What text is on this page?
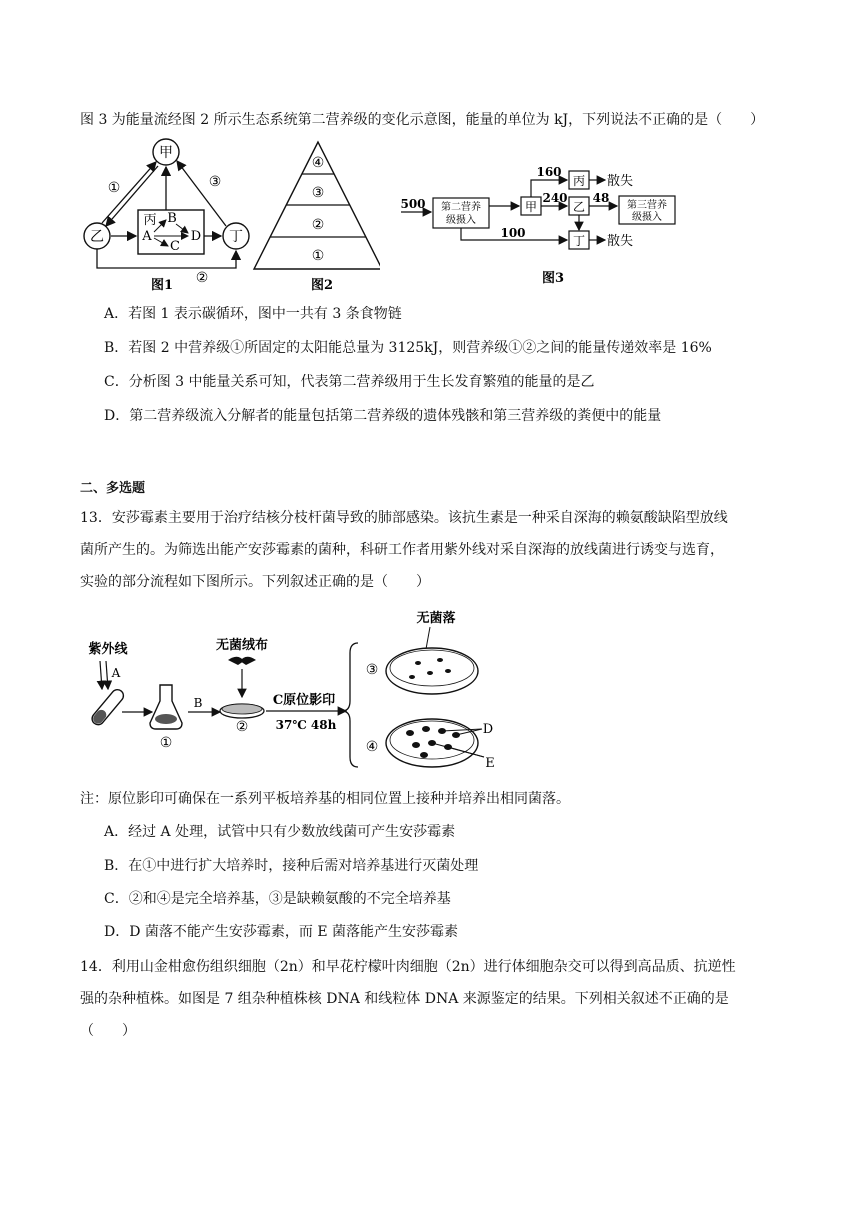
图 3 为能量流经图 2 所示生态系统第二营养级的变化示意图，能量的单位为 kJ，下列说法不正确的是（　　）
甲
乙	丁
丙 B
A
C
D
①	③
②
图1
④
③
②
①
图2
500 第二营养
级摄入
甲
160
丙 散失
240
乙
48
第三营养
级摄入
100
丁 散失
图3
A．若图 1 表示碳循环，图中一共有 3 条食物链
B．若图 2 中营养级①所固定的太阳能总量为 3125kJ，则营养级①②之间的能量传递效率是 16%
C．分析图 3 中能量关系可知，代表第二营养级用于生长发育繁殖的能量的是乙
D．第二营养级流入分解者的能量包括第二营养级的遗体残骸和第三营养级的粪便中的能量
二、多选题
13．安莎霉素主要用于治疗结核分枝杆菌导致的肺部感染。该抗生素是一种采自深海的赖氨酸缺陷型放线
菌所产生的。为筛选出能产安莎霉素的菌种，科研工作者用紫外线对采自深海的放线菌进行诱变与选育，
实验的部分流程如下图所示。下列叙述正确的是（　　）
紫外线
A
①
B
无菌绒布
②
C原位影印
37℃ 48h
无菌落
③
④
D
E
注：原位影印可确保在一系列平板培养基的相同位置上接种并培养出相同菌落。
A．经过 A 处理，试管中只有少数放线菌可产生安莎霉素
B．在①中进行扩大培养时，接种后需对培养基进行灭菌处理
C．②和④是完全培养基，③是缺赖氨酸的不完全培养基
D．D 菌落不能产生安莎霉素，而 E 菌落能产生安莎霉素
14．利用山金柑愈伤组织细胞（2n）和早花柠檬叶肉细胞（2n）进行体细胞杂交可以得到高品质、抗逆性
强的杂种植株。如图是 7 组杂种植株核 DNA 和线粒体 DNA 来源鉴定的结果。下列相关叙述不正确的是
（　　）
